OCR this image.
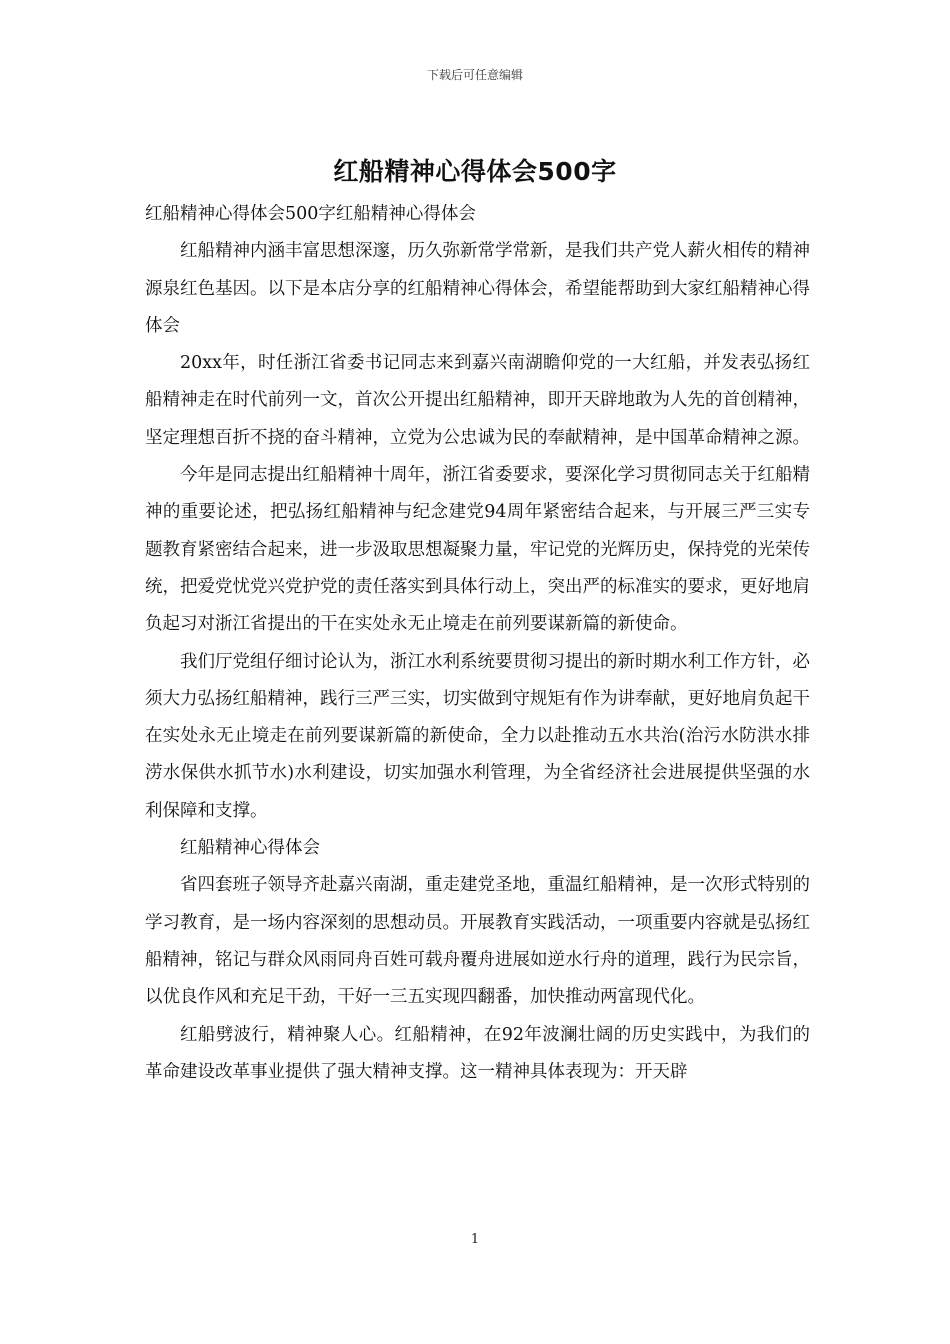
下载后可任意编辑
红船精神心得体会500字

红船精神心得体会500字红船精神心得体会

红船精神内涵丰富思想深邃，历久弥新常学常新，是我们共产党人薪火相传的精神源泉红色基因。以下是本店分享的红船精神心得体会，希望能帮助到大家红船精神心得体会

20xx年，时任浙江省委书记同志来到嘉兴南湖瞻仰党的一大红船，并发表弘扬红船精神走在时代前列一文，首次公开提出红船精神，即开天辟地敢为人先的首创精神，坚定理想百折不挠的奋斗精神，立党为公忠诚为民的奉献精神，是中国革命精神之源。

今年是同志提出红船精神十周年，浙江省委要求，要深化学习贯彻同志关于红船精神的重要论述，把弘扬红船精神与纪念建党94周年紧密结合起来，与开展三严三实专题教育紧密结合起来，进一步汲取思想凝聚力量，牢记党的光辉历史，保持党的光荣传统，把爱党忧党兴党护党的责任落实到具体行动上，突出严的标准实的要求，更好地肩负起习对浙江省提出的干在实处永无止境走在前列要谋新篇的新使命。

我们厅党组仔细讨论认为，浙江水利系统要贯彻习提出的新时期水利工作方针，必须大力弘扬红船精神，践行三严三实，切实做到守规矩有作为讲奉献，更好地肩负起干在实处永无止境走在前列要谋新篇的新使命，全力以赴推动五水共治(治污水防洪水排涝水保供水抓节水)水利建设，切实加强水利管理，为全省经济社会进展提供坚强的水利保障和支撑。

红船精神心得体会

省四套班子领导齐赴嘉兴南湖，重走建党圣地，重温红船精神，是一次形式特别的学习教育，是一场内容深刻的思想动员。开展教育实践活动，一项重要内容就是弘扬红船精神，铭记与群众风雨同舟百姓可载舟覆舟进展如逆水行舟的道理，践行为民宗旨，以优良作风和充足干劲，干好一三五实现四翻番，加快推动两富现代化。

红船劈波行，精神聚人心。红船精神，在92年波澜壮阔的历史实践中，为我们的革命建设改革事业提供了强大精神支撑。这一精神具体表现为：开天辟

1
